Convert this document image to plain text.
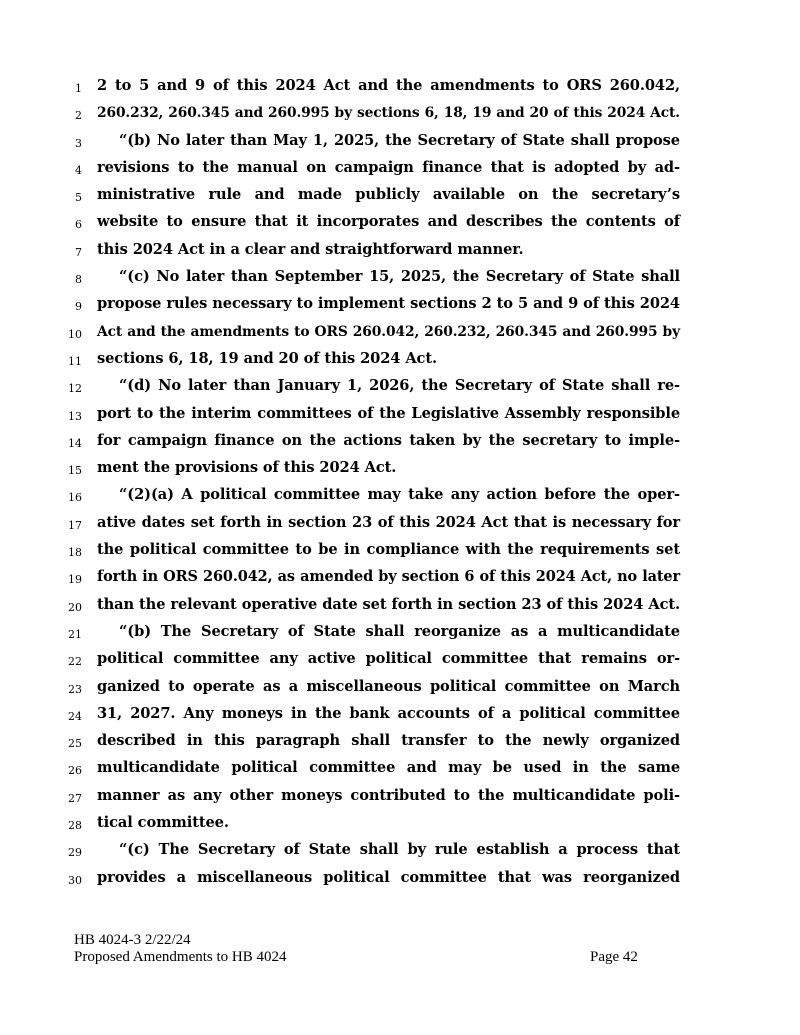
1 2 to 5 and 9 of this 2024 Act and the amendments to ORS 260.042,
2 260.232, 260.345 and 260.995 by sections 6, 18, 19 and 20 of this 2024 Act.
3	“(b) No later than May 1, 2025, the Secretary of State shall propose
4 revisions to the manual on campaign finance that is adopted by ad-
5 ministrative rule and made publicly available on the secretary’s
6 website to ensure that it incorporates and describes the contents of
7 this 2024 Act in a clear and straightforward manner.
8	“(c) No later than September 15, 2025, the Secretary of State shall
9 propose rules necessary to implement sections 2 to 5 and 9 of this 2024
10 Act and the amendments to ORS 260.042, 260.232, 260.345 and 260.995 by
11 sections 6, 18, 19 and 20 of this 2024 Act.
12	“(d) No later than January 1, 2026, the Secretary of State shall re-
13 port to the interim committees of the Legislative Assembly responsible
14 for campaign finance on the actions taken by the secretary to imple-
15 ment the provisions of this 2024 Act.
16	“(2)(a) A political committee may take any action before the oper-
17 ative dates set forth in section 23 of this 2024 Act that is necessary for
18 the political committee to be in compliance with the requirements set
19 forth in ORS 260.042, as amended by section 6 of this 2024 Act, no later
20 than the relevant operative date set forth in section 23 of this 2024 Act.
21	“(b) The Secretary of State shall reorganize as a multicandidate
22 political committee any active political committee that remains or-
23 ganized to operate as a miscellaneous political committee on March
24 31, 2027. Any moneys in the bank accounts of a political committee
25 described in this paragraph shall transfer to the newly organized
26 multicandidate political committee and may be used in the same
27 manner as any other moneys contributed to the multicandidate poli-
28 tical committee.
29	“(c) The Secretary of State shall by rule establish a process that
30 provides a miscellaneous political committee that was reorganized
HB 4024-3 2/22/24
Proposed Amendments to HB 4024	Page 42
